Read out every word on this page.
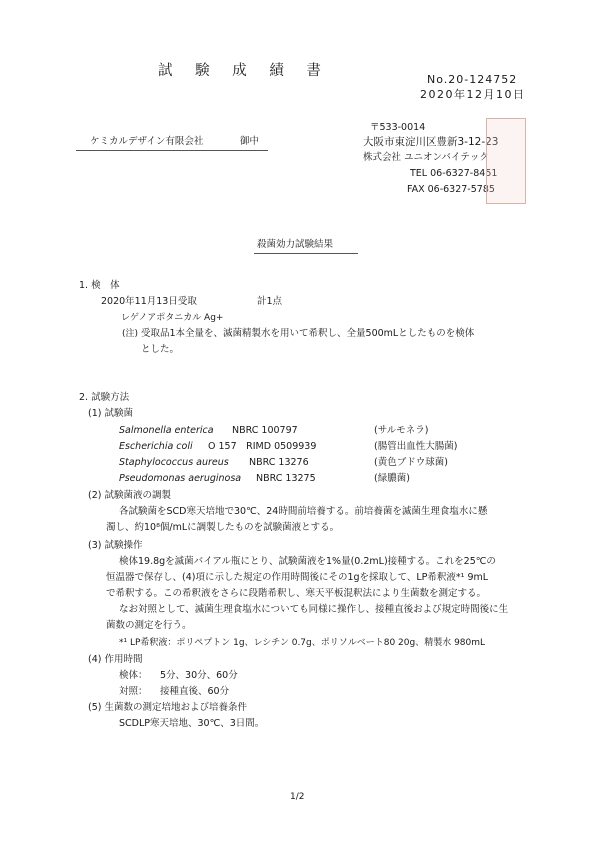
試 験 成 績 書
No.20-124752
2020年12月10日
ケミカルデザイン有限会社	御中
〒533-0014
大阪市東淀川区豊新3-12-23
株式会社 ユニオンバイテック
TEL 06-6327-8451
FAX 06-6327-5785
殺菌効力試験結果
1. 検　体
2020年11月13日受取	計1点
レゲノアポタニカル Ag+
(注) 受取品1本全量を、滅菌精製水を用いて希釈し、全量500mLとしたものを検体
とした。
2. 試験方法
(1) 試験菌
Salmonella enterica NBRC 100797	(サルモネラ)
Escherichia coli O 157　RIMD 0509939	(腸管出血性大腸菌)
Staphylococcus aureus NBRC 13276	(黄色ブドウ球菌)
Pseudomonas aeruginosa NBRC 13275	(緑膿菌)
(2) 試験菌液の調製
各試験菌をSCD寒天培地で30℃、24時間前培養する。前培養菌を滅菌生理食塩水に懸
濁し、約10⁸個/mLに調製したものを試験菌液とする。
(3) 試験操作
検体19.8gを滅菌バイアル瓶にとり、試験菌液を1%量(0.2mL)接種する。これを25℃の
恒温器で保存し、(4)項に示した規定の作用時間後にその1gを採取して、LP希釈液*¹ 9mL
で希釈する。この希釈液をさらに段階希釈し、寒天平板混釈法により生菌数を測定する。
なお対照として、滅菌生理食塩水についても同様に操作し、接種直後および規定時間後に生
菌数の測定を行う。
*¹ LP希釈液：ポリペプトン 1g、レシチン 0.7g、ポリソルベート80 20g、精製水 980mL
(4) 作用時間
検体： 5分、30分、60分
対照： 接種直後、60分
(5) 生菌数の測定培地および培養条件
SCDLP寒天培地、30℃、3日間。
1/2
